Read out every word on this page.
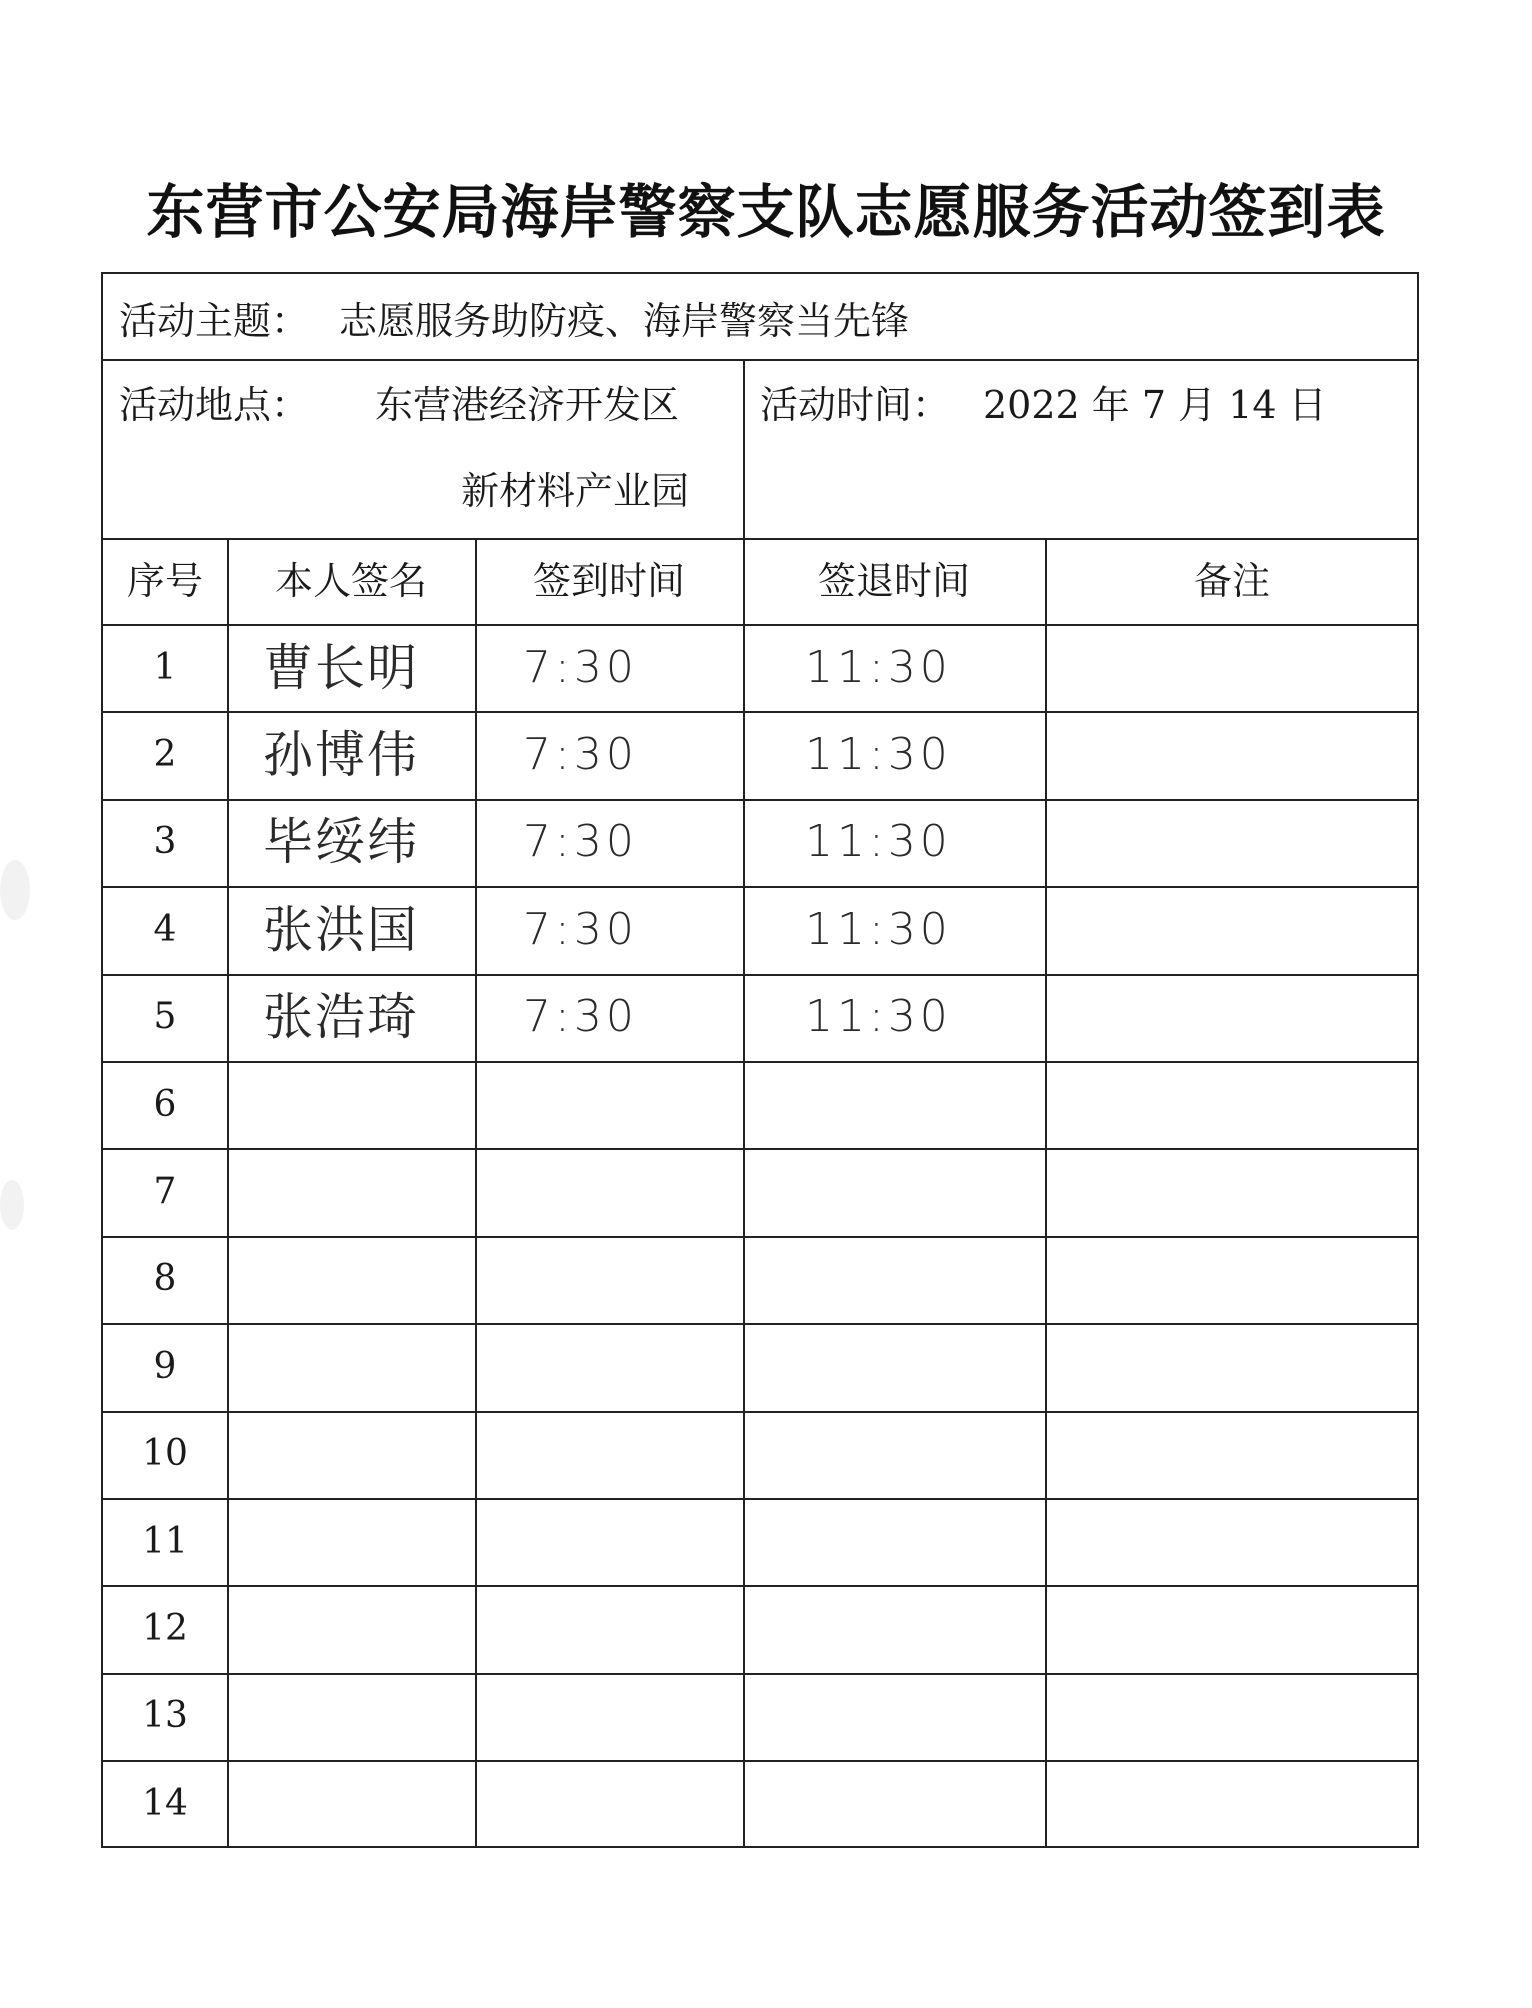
东营市公安局海岸警察支队志愿服务活动签到表
活动主题： 志愿服务助防疫、海岸警察当先锋
活动地点： 东营港经济开发区
新材料产业园
活动时间： 2022 年 7 月 14 日
序号	本人签名	签到时间	签退时间	备注
1	曹长明	7:30	11:30
2	孙博伟	7:30	11:30
3	毕绥纬	7:30	11:30
4	张洪国	7:30	11:30
5	张浩琦	7:30	11:30
6
7
8
9
10
11
12
13
14
